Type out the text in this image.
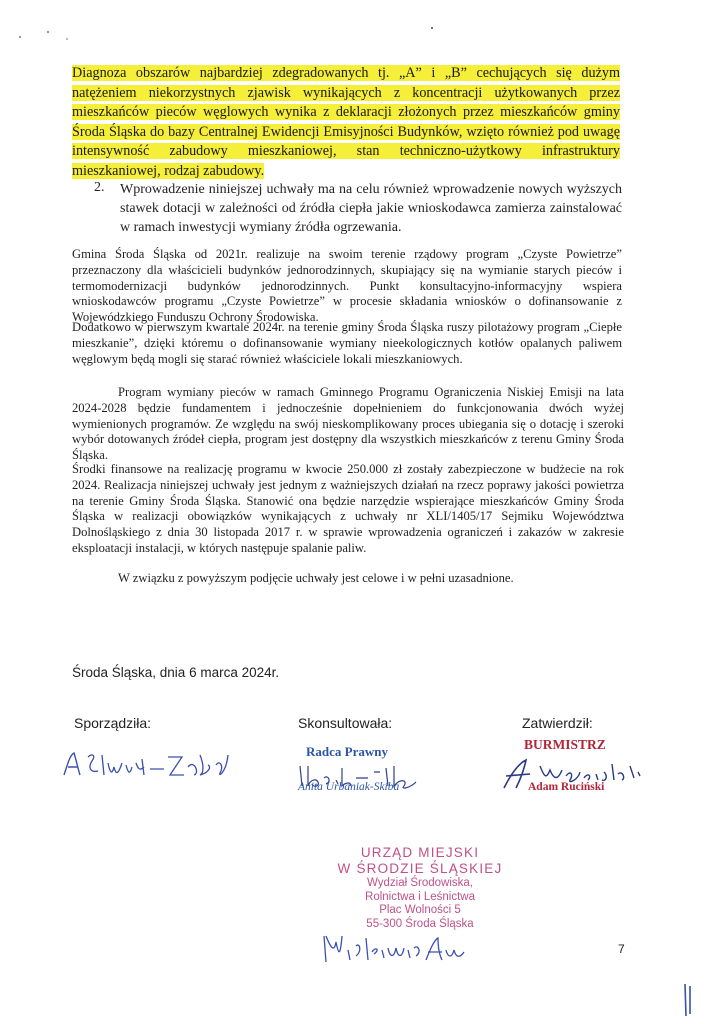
Diagnoza obszarów najbardziej zdegradowanych tj. „A” i „B” cechujących się dużym natężeniem niekorzystnych zjawisk wynikających z koncentracji użytkowanych przez mieszkańców pieców węglowych wynika z deklaracji złożonych przez mieszkańców gminy Środa Śląska do bazy Centralnej Ewidencji Emisyjności Budynków, wzięto również pod uwagę intensywność zabudowy mieszkaniowej, stan techniczno-użytkowy infrastruktury mieszkaniowej, rodzaj zabudowy.
2. Wprowadzenie niniejszej uchwały ma na celu również wprowadzenie nowych wyższych stawek dotacji w zależności od źródła ciepła jakie wnioskodawca zamierza zainstalować w ramach inwestycji wymiany źródła ogrzewania.
Gmina Środa Śląska od 2021r. realizuje na swoim terenie rządowy program „Czyste Powietrze” przeznaczony dla właścicieli budynków jednorodzinnych, skupiający się na wymianie starych pieców i termomodernizacji budynków jednorodzinnych. Punkt konsultacyjno-informacyjny wspiera wnioskodawców programu „Czyste Powietrze” w procesie składania wniosków o dofinansowanie z Wojewódzkiego Funduszu Ochrony Środowiska.
Dodatkowo w pierwszym kwartale 2024r. na terenie gminy Środa Śląska ruszy pilotażowy program „Ciepłe mieszkanie”, dzięki któremu o dofinansowanie wymiany nieekologicznych kotłów opalanych paliwem węglowym będą mogli się starać również właściciele lokali mieszkaniowych.
Program wymiany pieców w ramach Gminnego Programu Ograniczenia Niskiej Emisji na lata 2024-2028 będzie fundamentem i jednocześnie dopełnieniem do funkcjonowania dwóch wyżej wymienionych programów. Ze względu na swój nieskomplikowany proces ubiegania się o dotację i szeroki wybór dotowanych źródeł ciepła, program jest dostępny dla wszystkich mieszkańców z terenu Gminy Środa Śląska.
Środki finansowe na realizację programu w kwocie 250.000 zł zostały zabezpieczone w budżecie na rok 2024. Realizacja niniejszej uchwały jest jednym z ważniejszych działań na rzecz poprawy jakości powietrza na terenie Gminy Środa Śląska. Stanowić ona będzie narzędzie wspierające mieszkańców Gminy Środa Śląska w realizacji obowiązków wynikających z uchwały nr XLI/1405/17 Sejmiku Województwa Dolnośląskiego z dnia 30 listopada 2017 r. w sprawie wprowadzenia ograniczeń i zakazów w zakresie eksploatacji instalacji, w których następuje spalanie paliw.
W związku z powyższym podjęcie uchwały jest celowe i w pełni uzasadnione.
Środa Śląska, dnia 6 marca 2024r.
Sporządziła:	Skonsultowała:	Zatwierdził:
Radca Prawny
Anita Urbaniak-Skiba
BURMISTRZ
Adam Ruciński
URZĄD MIEJSKI
W ŚRODZIE ŚLĄSKIEJ
Wydział Środowiska,
Rolnictwa i Leśnictwa
Plac Wolności 5
55-300 Środa Śląska
7
